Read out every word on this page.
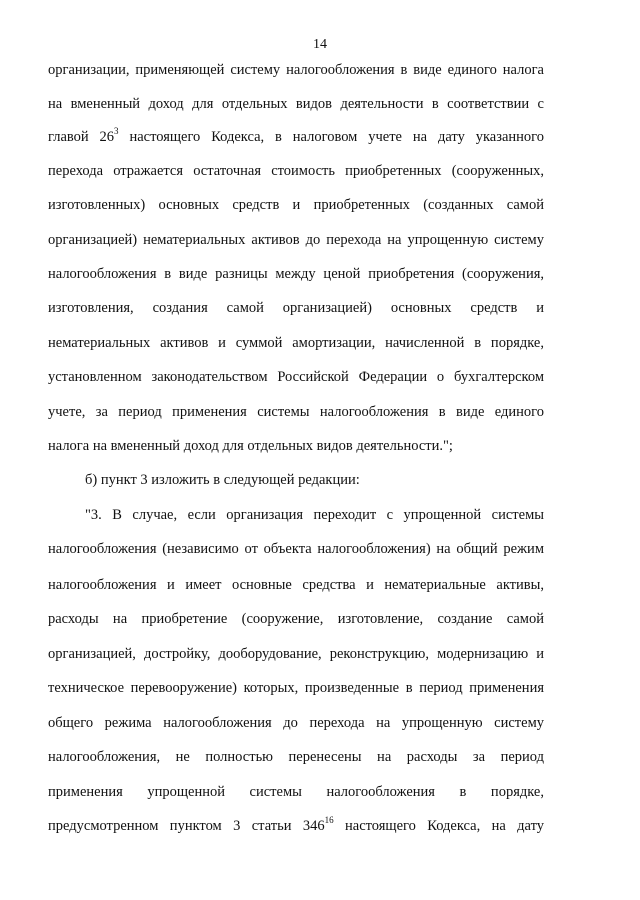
14
организации, применяющей систему налогообложения в виде единого налога
на вмененный доход для отдельных видов деятельности в соответствии с
главой $26^3$ настоящего Кодекса, в налоговом учете на дату указанного
перехода отражается остаточная стоимость приобретенных (сооруженных,
изготовленных) основных средств и приобретенных (созданных самой
организацией) нематериальных активов до перехода на упрощенную систему
налогообложения в виде разницы между ценой приобретения (сооружения,
изготовления, создания самой организацией) основных средств и
нематериальных активов и суммой амортизации, начисленной в порядке,
установленном законодательством Российской Федерации о бухгалтерском
учете, за период применения системы налогообложения в виде единого
налога на вмененный доход для отдельных видов деятельности.";
б) пункт 3 изложить в следующей редакции:
"3. В случае, если организация переходит с упрощенной системы
налогообложения (независимо от объекта налогообложения) на общий режим
налогообложения и имеет основные средства и нематериальные активы,
расходы на приобретение (сооружение, изготовление, создание самой
организацией, достройку, дооборудование, реконструкцию, модернизацию и
техническое перевооружение) которых, произведенные в период применения
общего режима налогообложения до перехода на упрощенную систему
налогообложения, не полностью перенесены на расходы за период
применения упрощенной системы налогообложения в порядке,
предусмотренном пунктом 3 статьи $346^{16}$ настоящего Кодекса, на дату
